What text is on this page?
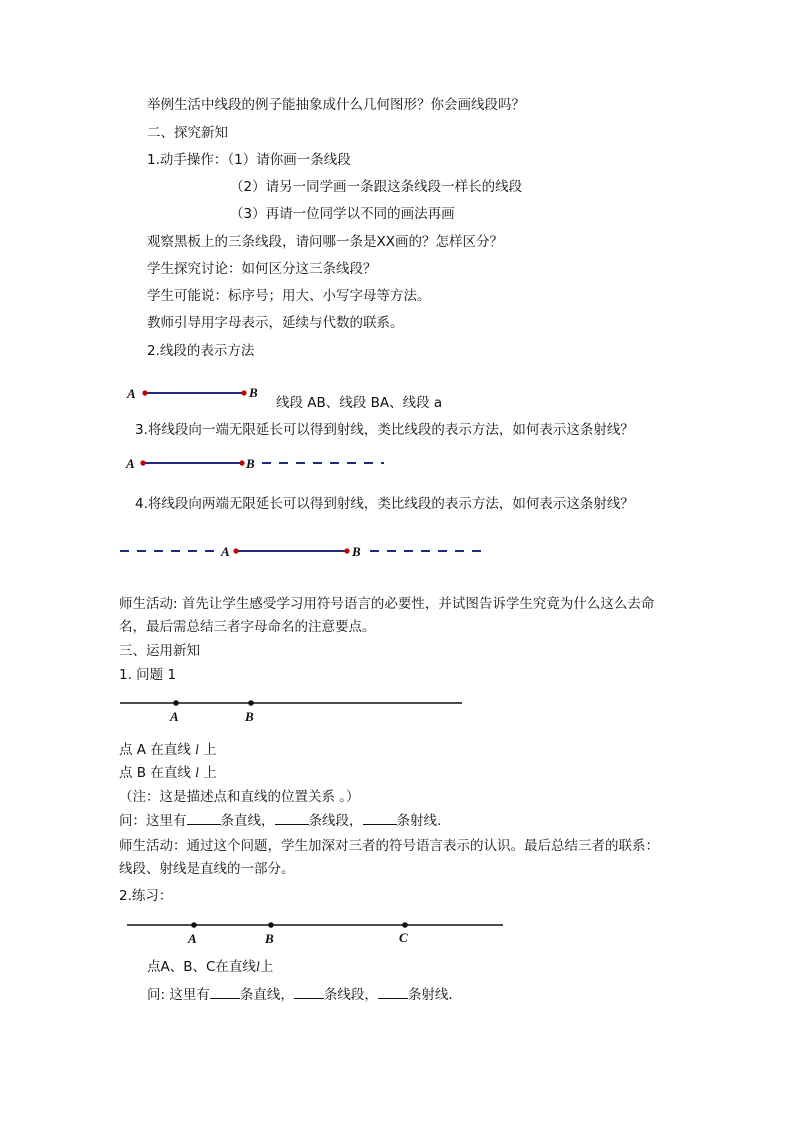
举例生活中线段的例子能抽象成什么几何图形？你会画线段吗？
二、探究新知
1.动手操作：（1）请你画一条线段
（2）请另一同学画一条跟这条线段一样长的线段
（3）再请一位同学以不同的画法再画
观察黑板上的三条线段，请问哪一条是XX画的？怎样区分？
学生探究讨论：如何区分这三条线段？
学生可能说：标序号；用大、小写字母等方法。
教师引导用字母表示，延续与代数的联系。
2.线段的表示方法
A	B
线段 AB、线段 BA、线段 a
3.将线段向一端无限延长可以得到射线，类比线段的表示方法，如何表示这条射线？
A	B
4.将线段向两端无限延长可以得到射线，类比线段的表示方法，如何表示这条射线？
A	B
师生活动: 首先让学生感受学习用符号语言的必要性，并试图告诉学生究竟为什么这么去命
名，最后需总结三者字母命名的注意要点。
三、运用新知
1. 问题 1
A	B
点 A 在直线 l 上
点 B 在直线 l 上
（注：这是描述点和直线的位置关系 。）
问：这里有	条直线，	条线段，	条射线.
师生活动：通过这个问题，学生加深对三者的符号语言表示的认识。最后总结三者的联系：
线段、射线是直线的一部分。
2.练习：
A	B	C
点A、B、C在直线l上
问: 这里有 条直线， 条线段， 条射线.
